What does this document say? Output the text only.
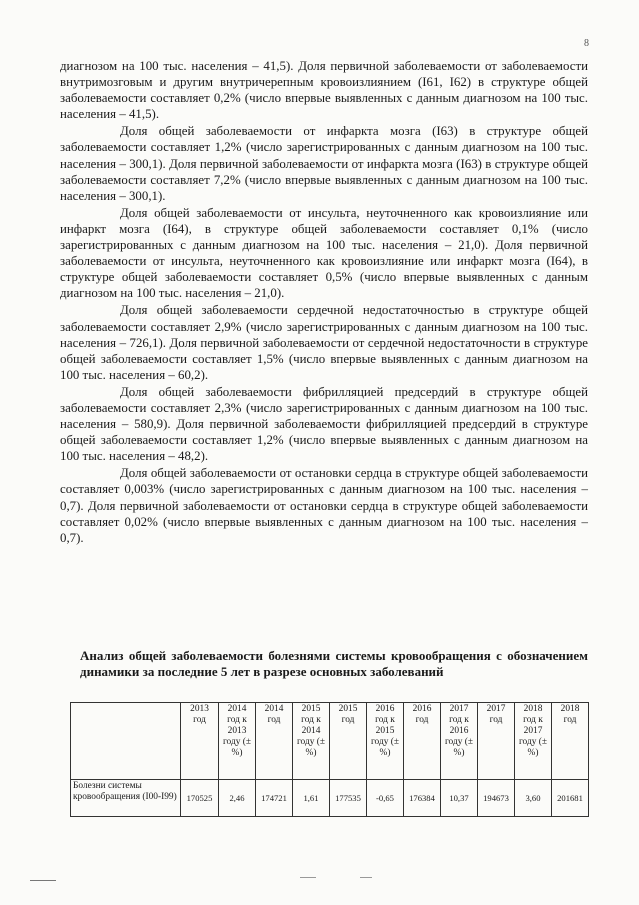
8

диагнозом на 100 тыс. населения – 41,5). Доля первичной заболеваемости от заболеваемости внутримозговым и другим внутричерепным кровоизлиянием (I61, I62) в структуре общей заболеваемости составляет 0,2% (число впервые выявленных с данным диагнозом на 100 тыс. населения – 41,5).

Доля общей заболеваемости от инфаркта мозга (I63) в структуре общей заболеваемости составляет 1,2% (число зарегистрированных с данным диагнозом на 100 тыс. населения – 300,1). Доля первичной заболеваемости от инфаркта мозга (I63) в структуре общей заболеваемости составляет 7,2% (число впервые выявленных с данным диагнозом на 100 тыс. населения – 300,1).

Доля общей заболеваемости от инсульта, неуточненного как кровоизлияние или инфаркт мозга (I64), в структуре общей заболеваемости составляет 0,1% (число зарегистрированных с данным диагнозом на 100 тыс. населения – 21,0). Доля первичной заболеваемости от инсульта, неуточненного как кровоизлияние или инфаркт мозга (I64), в структуре общей заболеваемости составляет 0,5% (число впервые выявленных с данным диагнозом на 100 тыс. населения – 21,0).

Доля общей заболеваемости сердечной недостаточностью в структуре общей заболеваемости составляет 2,9% (число зарегистрированных с данным диагнозом на 100 тыс. населения – 726,1). Доля первичной заболеваемости от сердечной недостаточности в структуре общей заболеваемости составляет 1,5% (число впервые выявленных с данным диагнозом на 100 тыс. населения – 60,2).

Доля общей заболеваемости фибрилляцией предсердий в структуре общей заболеваемости составляет 2,3% (число зарегистрированных с данным диагнозом на 100 тыс. населения – 580,9). Доля первичной заболеваемости фибрилляцией предсердий в структуре общей заболеваемости составляет 1,2% (число впервые выявленных с данным диагнозом на 100 тыс. населения – 48,2).

Доля общей заболеваемости от остановки сердца в структуре общей заболеваемости составляет 0,003% (число зарегистрированных с данным диагнозом на 100 тыс. населения – 0,7). Доля первичной заболеваемости от остановки сердца в структуре общей заболеваемости составляет 0,02% (число впервые выявленных с данным диагнозом на 100 тыс. населения – 0,7).

Анализ общей заболеваемости болезнями системы кровообращения с обозначением динамики за последние 5 лет в разрезе основных заболеваний
	2013 год	2014 год к 2013 году (±%)	2014 год	2015 год к 2014 году (±%)	2015 год	2016 год к 2015 году (±%)	2016 год	2017 год к 2016 году (±%)	2017 год	2018 год к 2017 году (±%)	2018 год
Болезни системы кровообращения (I00-I99)	170525	2,46	174721	1,61	177535	-0,65	176384	10,37	194673	3,60	201681
